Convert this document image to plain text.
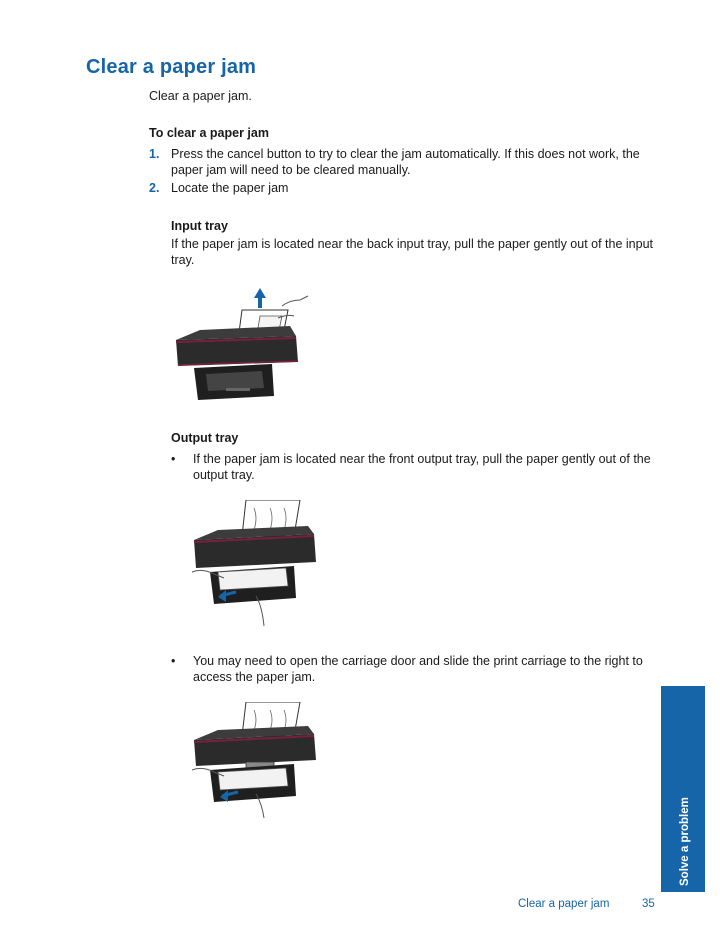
Clear a paper jam
Clear a paper jam.
To clear a paper jam
1. Press the cancel button to try to clear the jam automatically. If this does not work, the paper jam will need to be cleared manually.
2. Locate the paper jam
Input tray
If the paper jam is located near the back input tray, pull the paper gently out of the input tray.
Output tray
• If the paper jam is located near the front output tray, pull the paper gently out of the output tray.
• You may need to open the carriage door and slide the print carriage to the right to access the paper jam.
Solve a problem
Clear a paper jam	35
